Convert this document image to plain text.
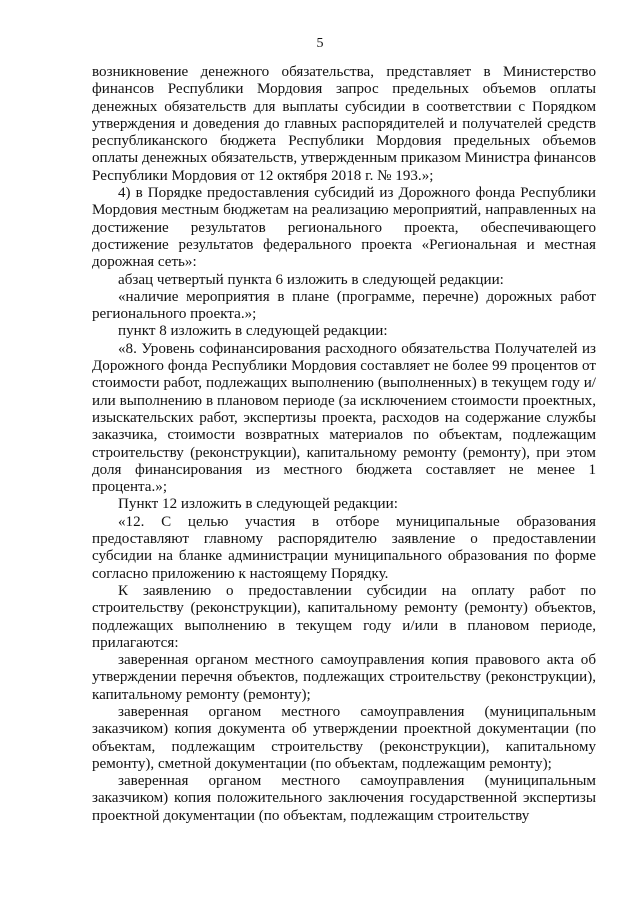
5

возникновение денежного обязательства, представляет в Министерство финансов Республики Мордовия запрос предельных объемов оплаты денежных обязательств для выплаты субсидии в соответствии с Порядком утверждения и доведения до главных распорядителей и получателей средств республиканского бюджета Республики Мордовия предельных объемов оплаты денежных обязательств, утвержденным приказом Министра финансов Республики Мордовия от 12 октября 2018 г. № 193.»;

4) в Порядке предоставления субсидий из Дорожного фонда Республики Мордовия местным бюджетам на реализацию мероприятий, направленных на достижение результатов регионального проекта, обеспечивающего достижение результатов федерального проекта «Региональная и местная дорожная сеть»:

абзац четвертый пункта 6 изложить в следующей редакции:

«наличие мероприятия в плане (программе, перечне) дорожных работ регионального проекта.»;

пункт 8 изложить в следующей редакции:

«8. Уровень софинансирования расходного обязательства Получателей из Дорожного фонда Республики Мордовия составляет не более 99 процентов от стоимости работ, подлежащих выполнению (выполненных) в текущем году и/или выполнению в плановом периоде (за исключением стоимости проектных, изыскательских работ, экспертизы проекта, расходов на содержание службы заказчика, стоимости возвратных материалов по объектам, подлежащим строительству (реконструкции), капитальному ремонту (ремонту), при этом доля финансирования из местного бюджета составляет не менее 1 процента.»;

Пункт 12 изложить в следующей редакции:

«12. С целью участия в отборе муниципальные образования предоставляют главному распорядителю заявление о предоставлении субсидии на бланке администрации муниципального образования по форме согласно приложению к настоящему Порядку.

К заявлению о предоставлении субсидии на оплату работ по строительству (реконструкции), капитальному ремонту (ремонту) объектов, подлежащих выполнению в текущем году и/или в плановом периоде, прилагаются:

заверенная органом местного самоуправления копия правового акта об утверждении перечня объектов, подлежащих строительству (реконструкции), капитальному ремонту (ремонту);

заверенная органом местного самоуправления (муниципальным заказчиком) копия документа об утверждении проектной документации (по объектам, подлежащим строительству (реконструкции), капитальному ремонту), сметной документации (по объектам, подлежащим ремонту);

заверенная органом местного самоуправления (муниципальным заказчиком) копия положительного заключения государственной экспертизы проектной документации (по объектам, подлежащим строительству
